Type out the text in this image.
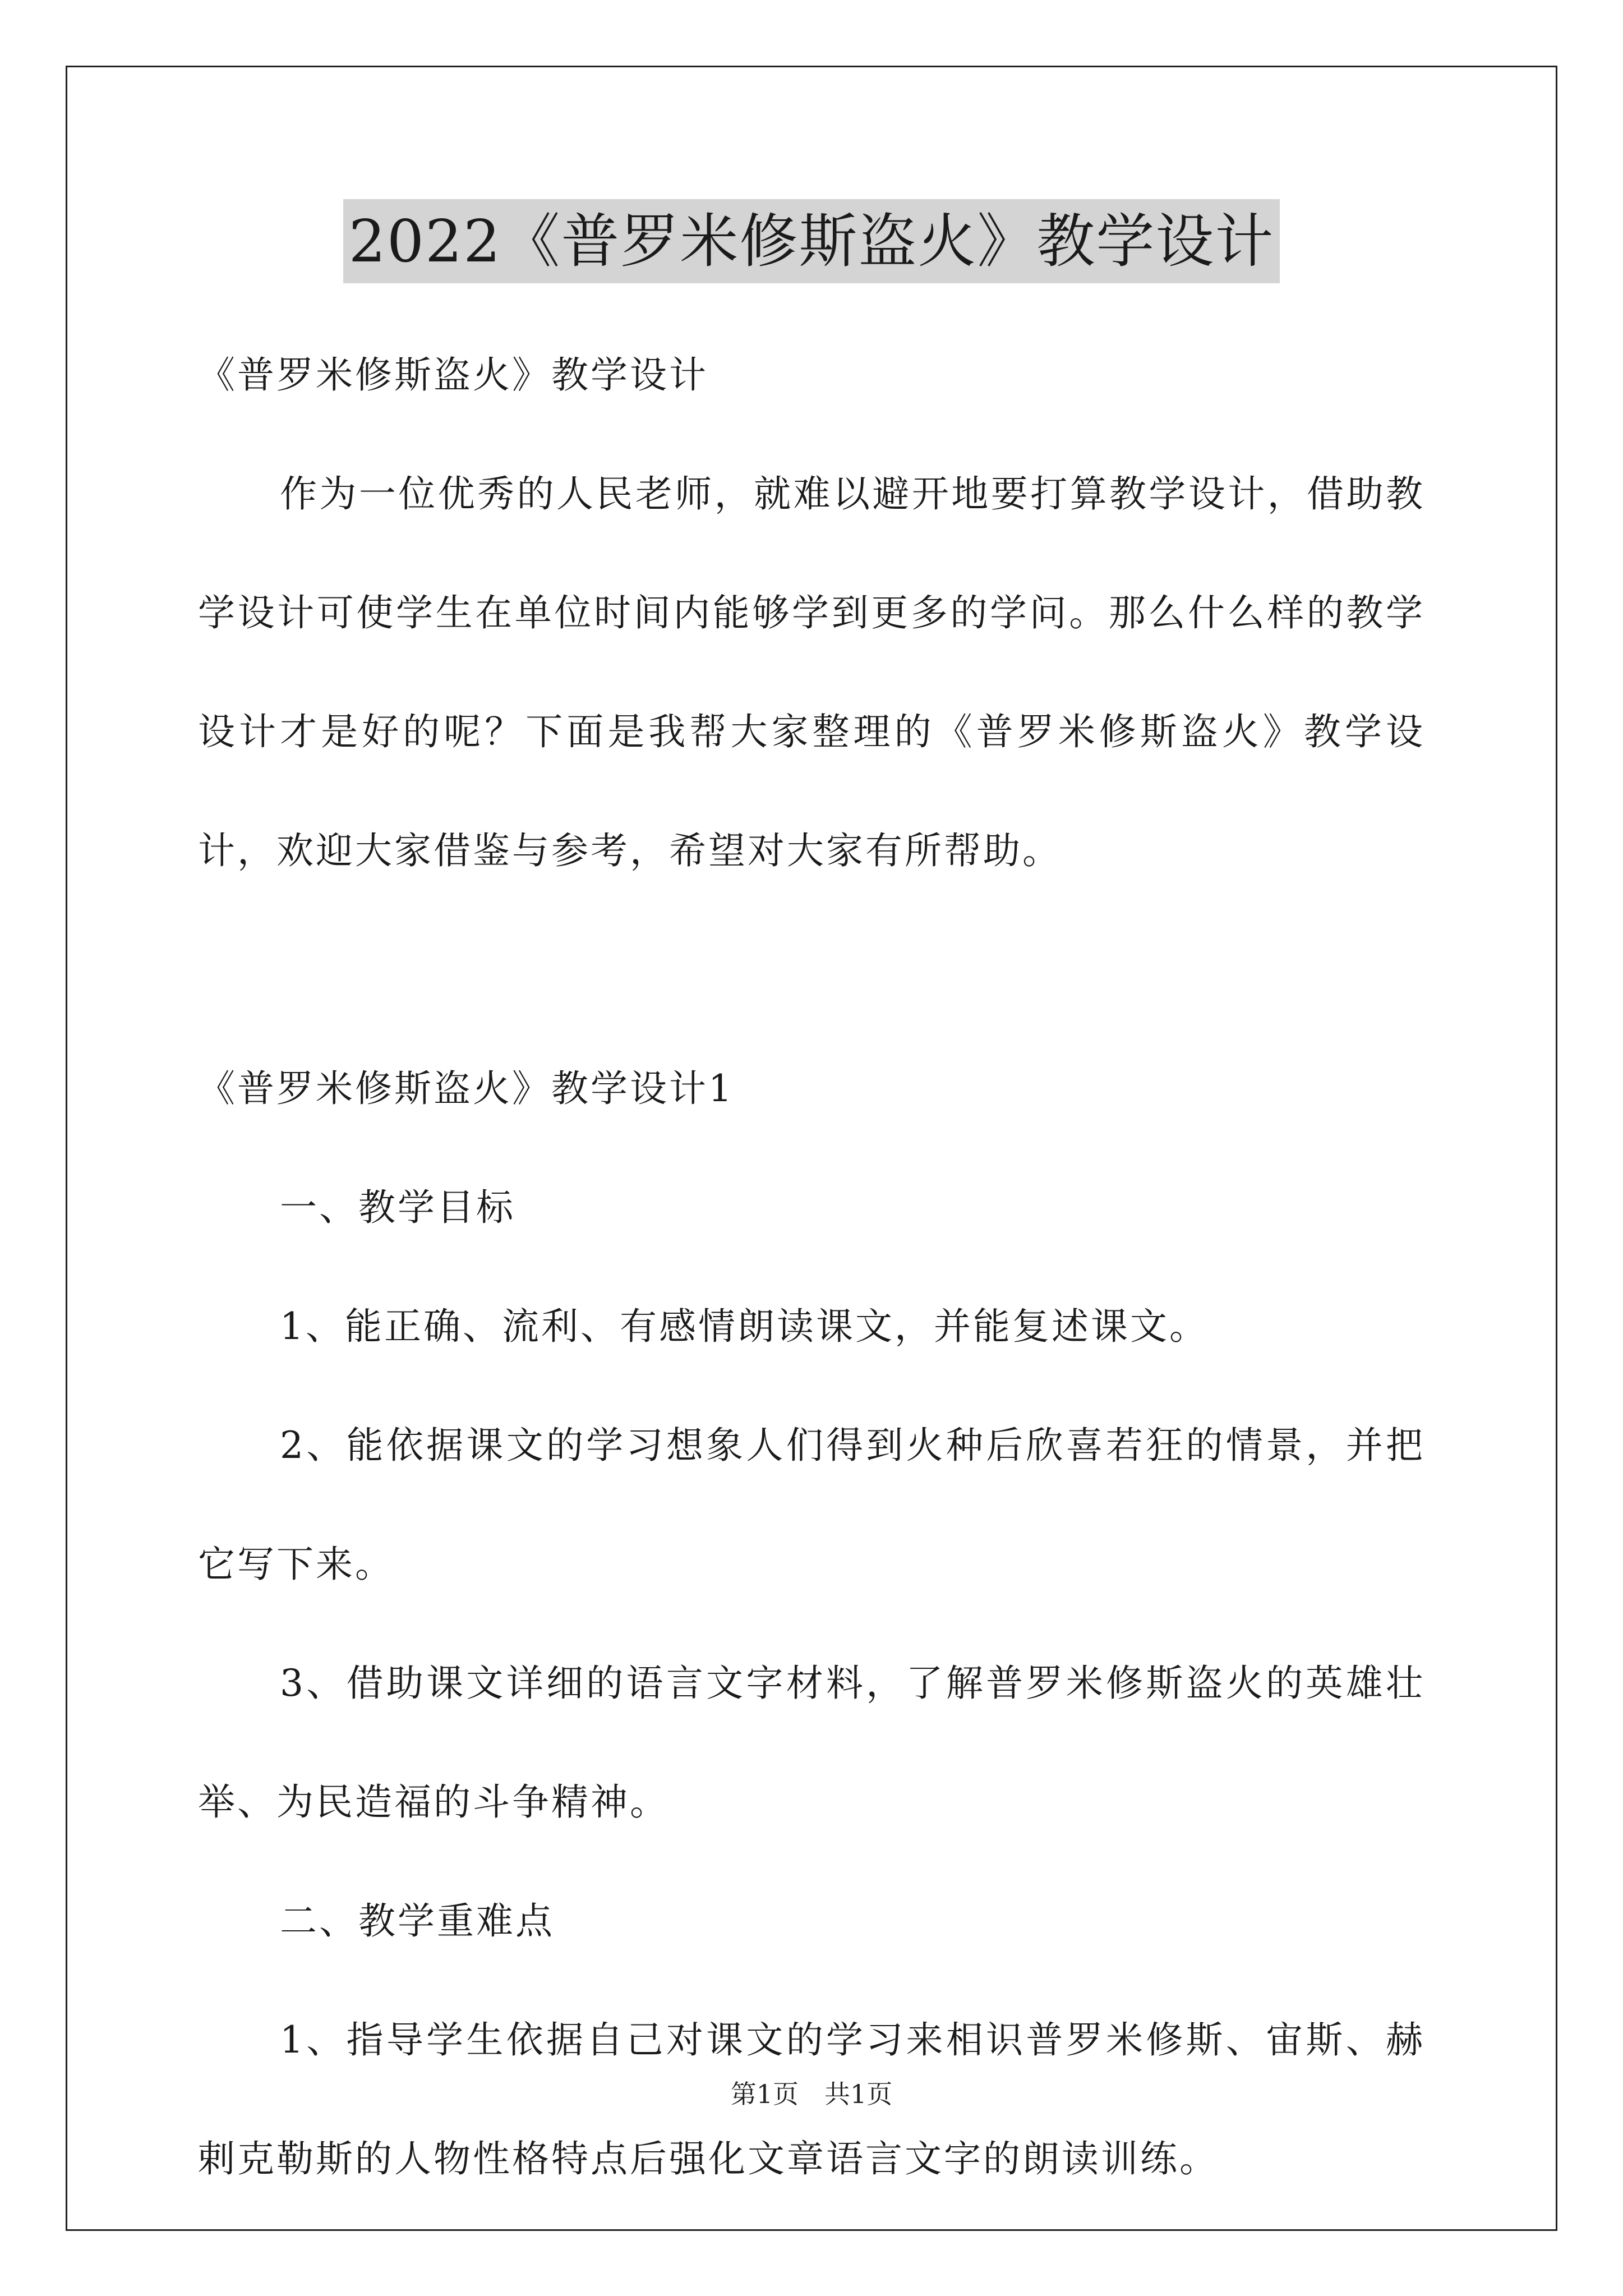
2022《普罗米修斯盗火》教学设计

《普罗米修斯盗火》教学设计

作为一位优秀的人民老师，就难以避开地要打算教学设计，借助教学设计可使学生在单位时间内能够学到更多的学问。那么什么样的教学设计才是好的呢？下面是我帮大家整理的《普罗米修斯盗火》教学设计，欢迎大家借鉴与参考，希望对大家有所帮助。

《普罗米修斯盗火》教学设计1

一、教学目标

1、能正确、流利、有感情朗读课文，并能复述课文。

2、能依据课文的学习想象人们得到火种后欣喜若狂的情景，并把它写下来。

3、借助课文详细的语言文字材料，了解普罗米修斯盗火的英雄壮举、为民造福的斗争精神。

二、教学重难点

1、指导学生依据自己对课文的学习来相识普罗米修斯、宙斯、赫剌克勒斯的人物性格特点后强化文章语言文字的朗读训练。

第1页　共1页
